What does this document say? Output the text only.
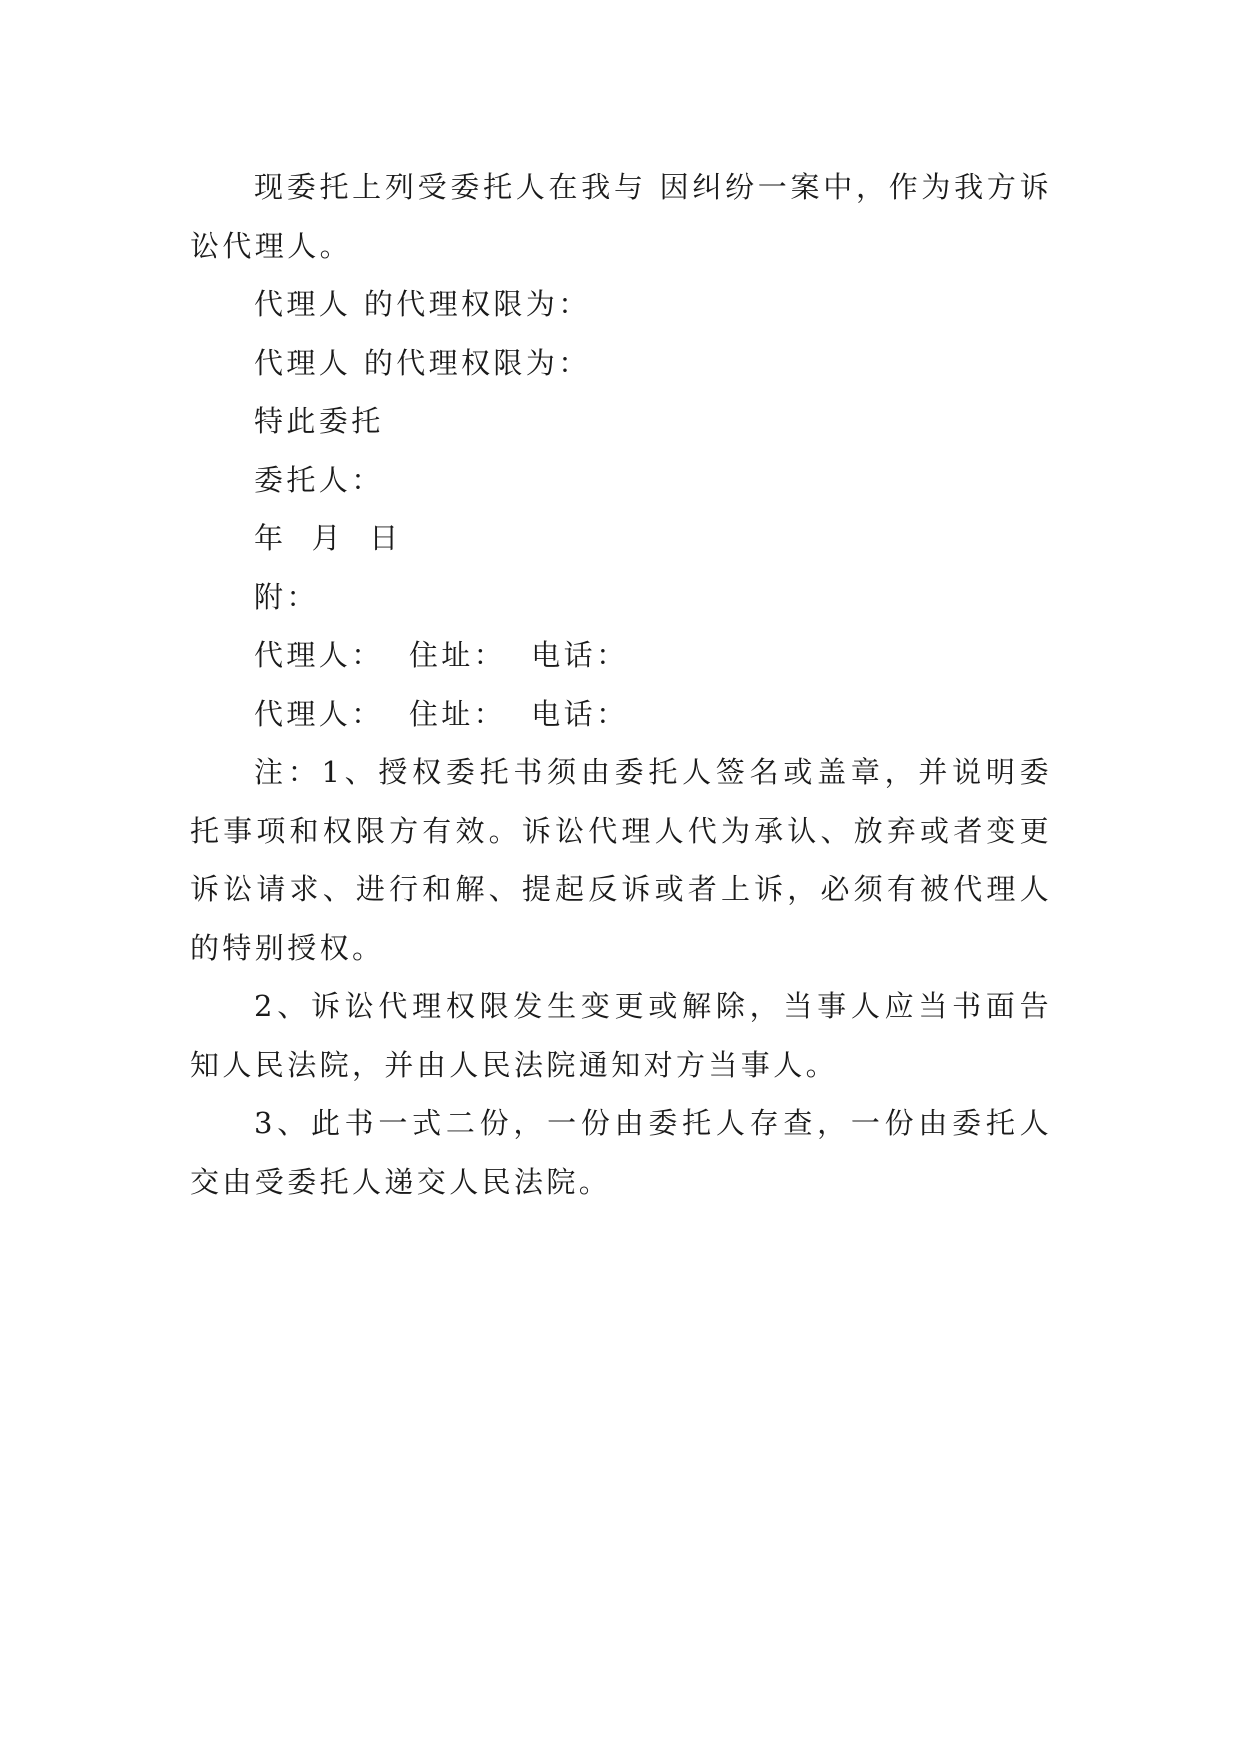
现委托上列受委托人在我与 因纠纷一案中，作为我方诉讼代理人。

代理人 的代理权限为：

代理人 的代理权限为：

特此委托

委托人：

年  月  日

附：

代理人：  住址：  电话：

代理人：  住址：  电话：

注：1、授权委托书须由委托人签名或盖章，并说明委托事项和权限方有效。诉讼代理人代为承认、放弃或者变更诉讼请求、进行和解、提起反诉或者上诉，必须有被代理人的特别授权。

2、诉讼代理权限发生变更或解除，当事人应当书面告知人民法院，并由人民法院通知对方当事人。

3、此书一式二份，一份由委托人存查，一份由委托人交由受委托人递交人民法院。
